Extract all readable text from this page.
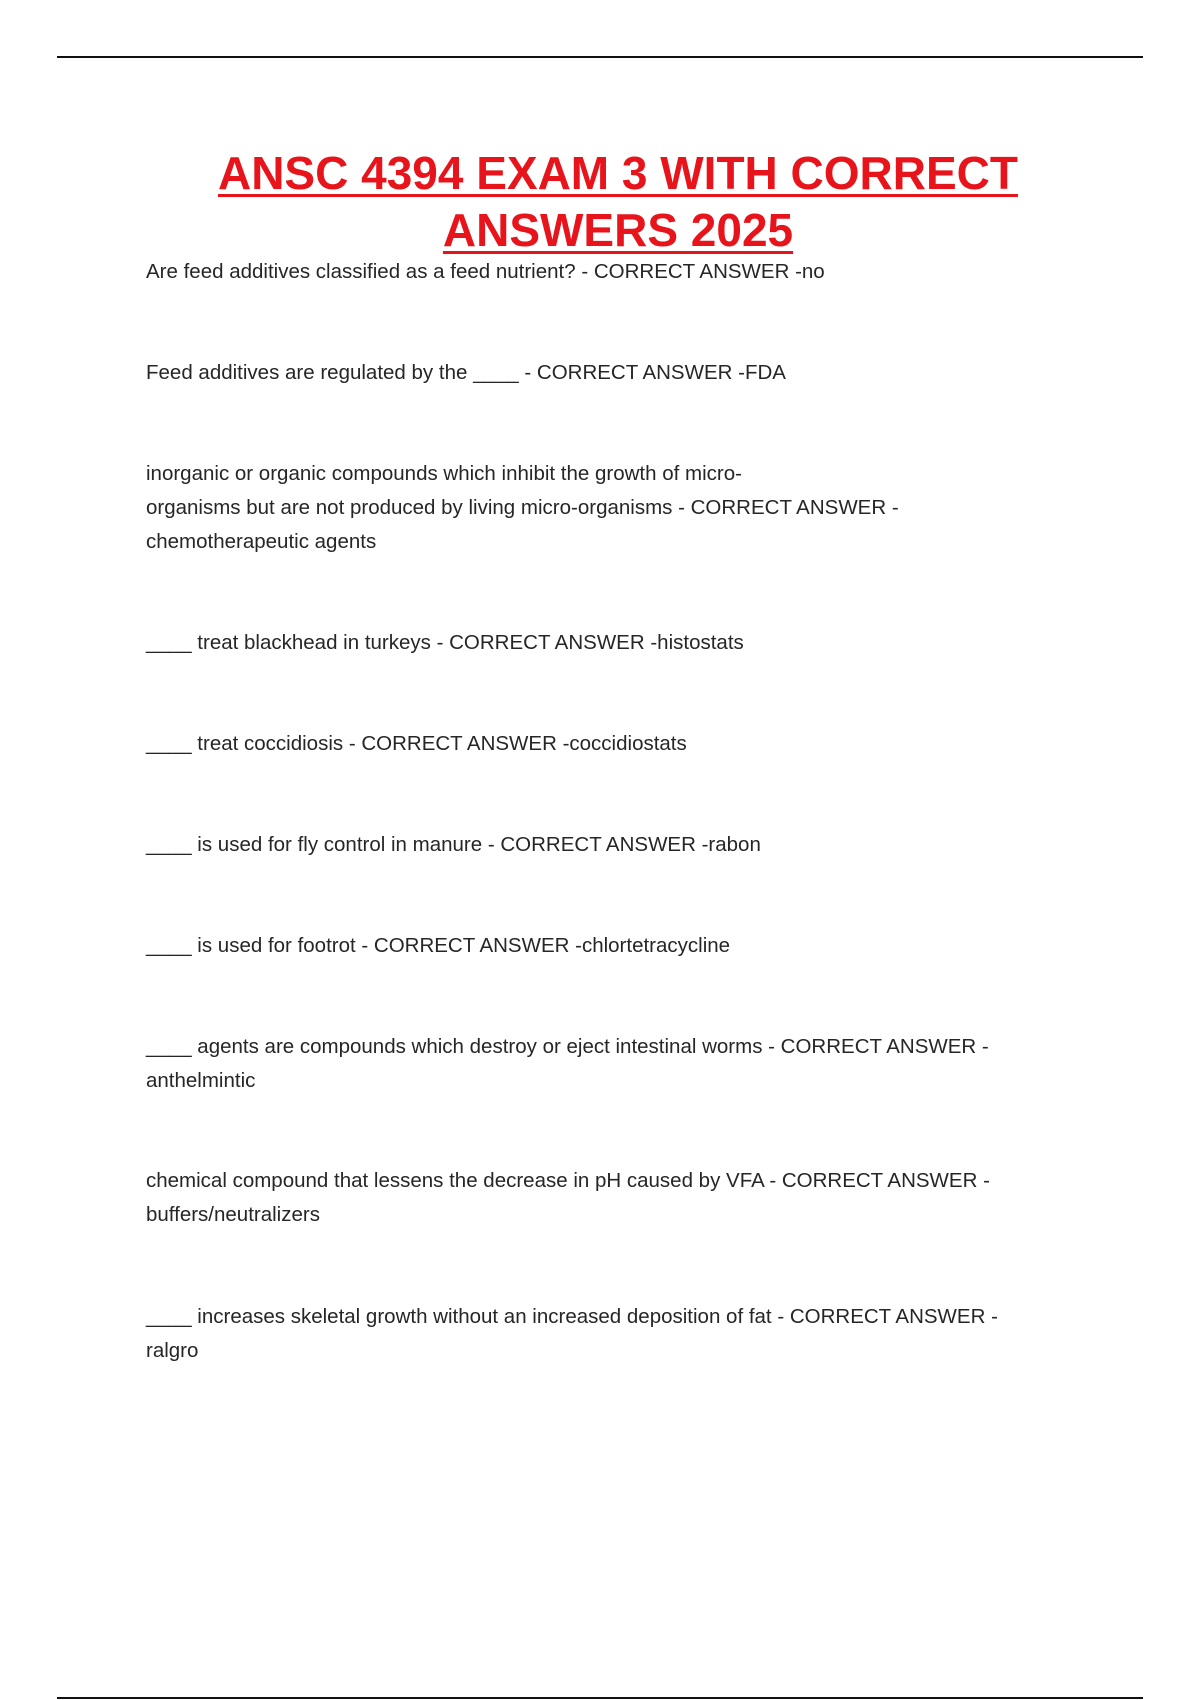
ANSC 4394 EXAM 3 WITH CORRECT ANSWERS 2025
Are feed additives classified as a feed nutrient? - CORRECT ANSWER -no
Feed additives are regulated by the ____ - CORRECT ANSWER -FDA
inorganic or organic compounds which inhibit the growth of micro-
organisms but are not produced by living micro-organisms - CORRECT ANSWER -
chemotherapeutic agents
____ treat blackhead in turkeys - CORRECT ANSWER -histostats
____ treat coccidiosis - CORRECT ANSWER -coccidiostats
____ is used for fly control in manure - CORRECT ANSWER -rabon
____ is used for footrot - CORRECT ANSWER -chlortetracycline
____ agents are compounds which destroy or eject intestinal worms - CORRECT ANSWER -
anthelmintic
chemical compound that lessens the decrease in pH caused by VFA - CORRECT ANSWER -
buffers/neutralizers
____ increases skeletal growth without an increased deposition of fat - CORRECT ANSWER -
ralgro
